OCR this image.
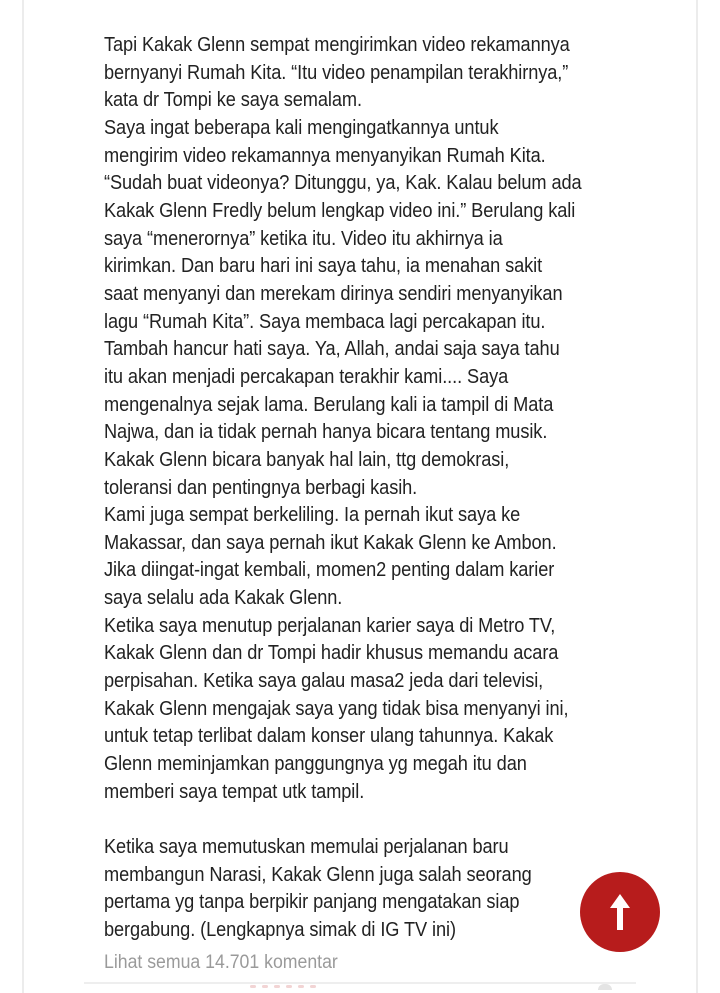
Tapi Kakak Glenn sempat mengirimkan video rekamannya
bernyanyi Rumah Kita. “Itu video penampilan terakhirnya,”
kata dr Tompi ke saya semalam.
Saya ingat beberapa kali mengingatkannya untuk
mengirim video rekamannya menyanyikan Rumah Kita.
“Sudah buat videonya? Ditunggu, ya, Kak. Kalau belum ada
Kakak Glenn Fredly belum lengkap video ini.” Berulang kali
saya “menerornya” ketika itu. Video itu akhirnya ia
kirimkan. Dan baru hari ini saya tahu, ia menahan sakit
saat menyanyi dan merekam dirinya sendiri menyanyikan
lagu “Rumah Kita”. Saya membaca lagi percakapan itu.
Tambah hancur hati saya. Ya, Allah, andai saja saya tahu
itu akan menjadi percakapan terakhir kami.... Saya
mengenalnya sejak lama. Berulang kali ia tampil di Mata
Najwa, dan ia tidak pernah hanya bicara tentang musik.
Kakak Glenn bicara banyak hal lain, ttg demokrasi,
toleransi dan pentingnya berbagi kasih.
Kami juga sempat berkeliling. Ia pernah ikut saya ke
Makassar, dan saya pernah ikut Kakak Glenn ke Ambon.
Jika diingat-ingat kembali, momen2 penting dalam karier
saya selalu ada Kakak Glenn.
Ketika saya menutup perjalanan karier saya di Metro TV,
Kakak Glenn dan dr Tompi hadir khusus memandu acara
perpisahan. Ketika saya galau masa2 jeda dari televisi,
Kakak Glenn mengajak saya yang tidak bisa menyanyi ini,
untuk tetap terlibat dalam konser ulang tahunnya. Kakak
Glenn meminjamkan panggungnya yg megah itu dan
memberi saya tempat utk tampil.
Ketika saya memutuskan memulai perjalanan baru
membangun Narasi, Kakak Glenn juga salah seorang
pertama yg tanpa berpikir panjang mengatakan siap
bergabung. (Lengkapnya simak di IG TV ini)
Lihat semua 14.701 komentar
